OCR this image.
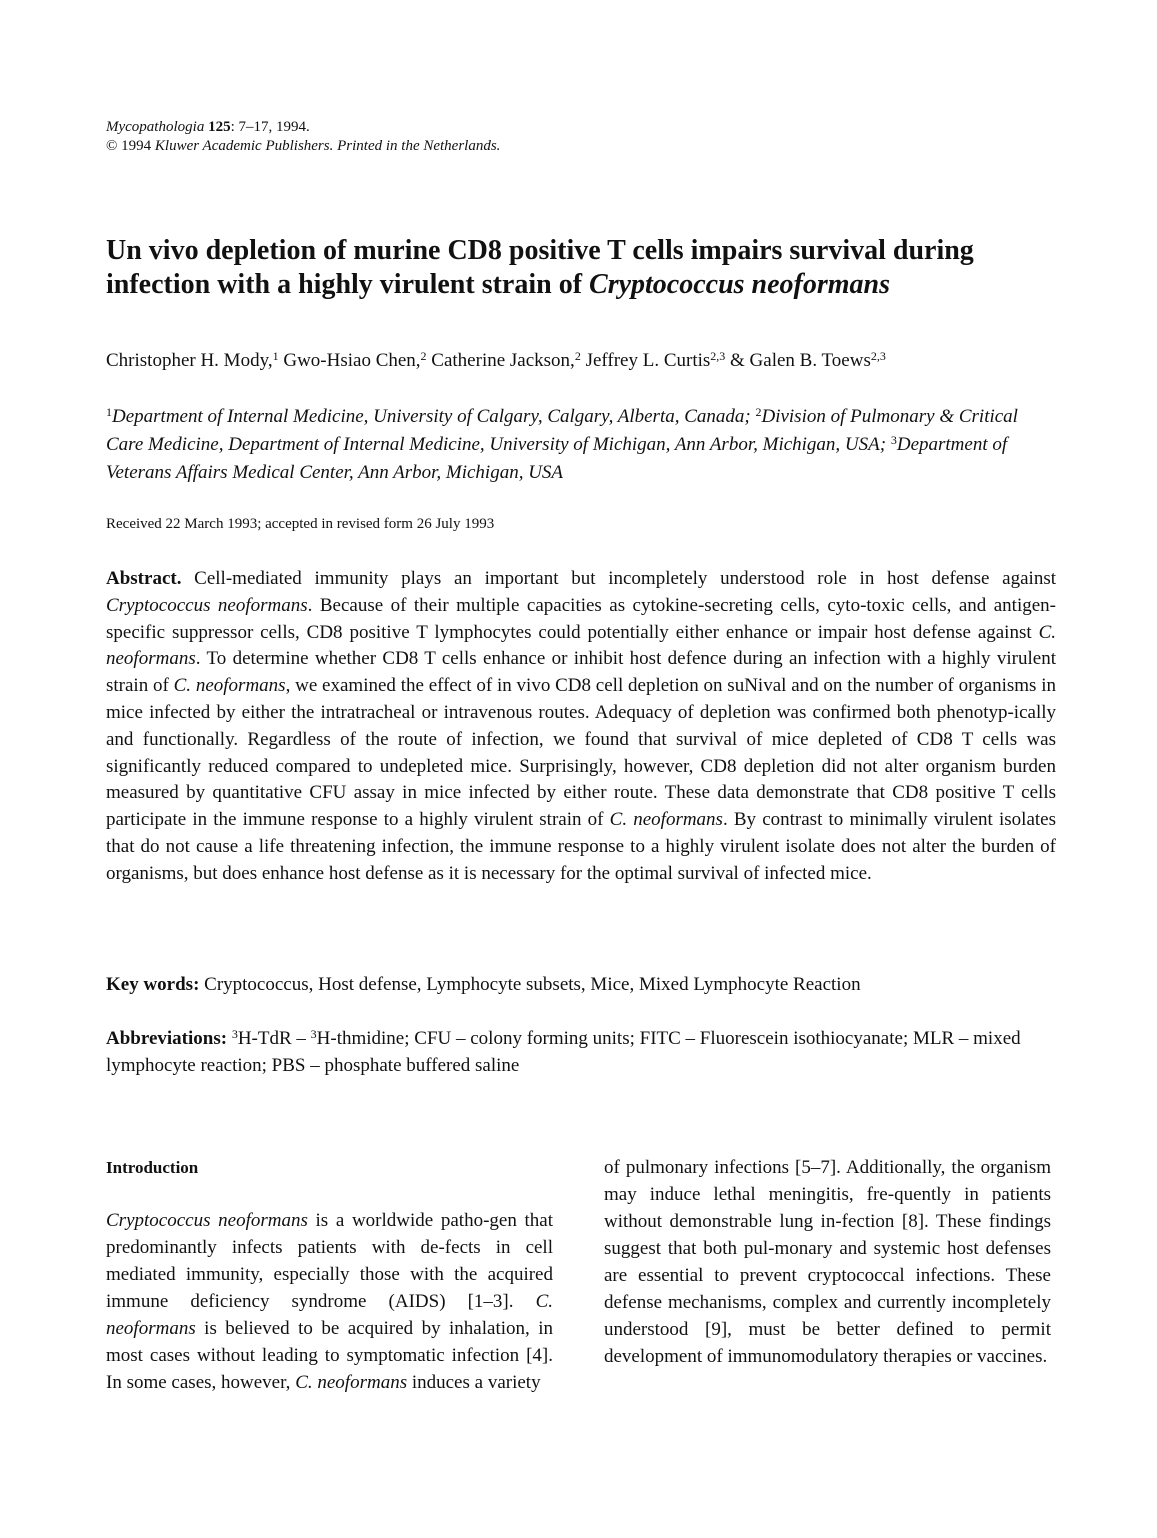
Mycopathologia 125: 7–17, 1994.
© 1994 Kluwer Academic Publishers. Printed in the Netherlands.
Un vivo depletion of murine CD8 positive T cells impairs survival during infection with a highly virulent strain of Cryptococcus neoformans
Christopher H. Mody,$^1$ Gwo-Hsiao Chen,$^2$ Catherine Jackson,$^2$ Jeffrey L. Curtis$^{2,3}$ & Galen B. Toews$^{2,3}$
$^1$Department of Internal Medicine, University of Calgary, Calgary, Alberta, Canada; $^2$Division of Pulmonary & Critical Care Medicine, Department of Internal Medicine, University of Michigan, Ann Arbor, Michigan, USA; $^3$Department of Veterans Affairs Medical Center, Ann Arbor, Michigan, USA
Received 22 March 1993; accepted in revised form 26 July 1993
Abstract. Cell-mediated immunity plays an important but incompletely understood role in host defense against Cryptococcus neoformans. Because of their multiple capacities as cytokine-secreting cells, cyto-toxic cells, and antigen-specific suppressor cells, CD8 positive T lymphocytes could potentially either enhance or impair host defense against C. neoformans. To determine whether CD8 T cells enhance or inhibit host defence during an infection with a highly virulent strain of C. neoformans, we examined the effect of in vivo CD8 cell depletion on suNival and on the number of organisms in mice infected by either the intratracheal or intravenous routes. Adequacy of depletion was confirmed both phenotyp-ically and functionally. Regardless of the route of infection, we found that survival of mice depleted of CD8 T cells was significantly reduced compared to undepleted mice. Surprisingly, however, CD8 depletion did not alter organism burden measured by quantitative CFU assay in mice infected by either route. These data demonstrate that CD8 positive T cells participate in the immune response to a highly virulent strain of C. neoformans. By contrast to minimally virulent isolates that do not cause a life threatening infection, the immune response to a highly virulent isolate does not alter the burden of organisms, but does enhance host defense as it is necessary for the optimal survival of infected mice.
Key words: Cryptococcus, Host defense, Lymphocyte subsets, Mice, Mixed Lymphocyte Reaction
Abbreviations: $^3$H-TdR – $^3$H-thmidine; CFU – colony forming units; FITC – Fluorescein isothiocyanate; MLR – mixed lymphocyte reaction; PBS – phosphate buffered saline
Introduction
Cryptococcus neoformans is a worldwide patho-gen that predominantly infects patients with de-fects in cell mediated immunity, especially those with the acquired immune deficiency syndrome (AIDS) [1–3]. C. neoformans is believed to be acquired by inhalation, in most cases without leading to symptomatic infection [4]. In some cases, however, C. neoformans induces a variety
of pulmonary infections [5–7]. Additionally, the organism may induce lethal meningitis, fre-quently in patients without demonstrable lung in-fection [8]. These findings suggest that both pul-monary and systemic host defenses are essential to prevent cryptococcal infections. These defense mechanisms, complex and currently incompletely understood [9], must be better defined to permit development of immunomodulatory therapies or vaccines.
